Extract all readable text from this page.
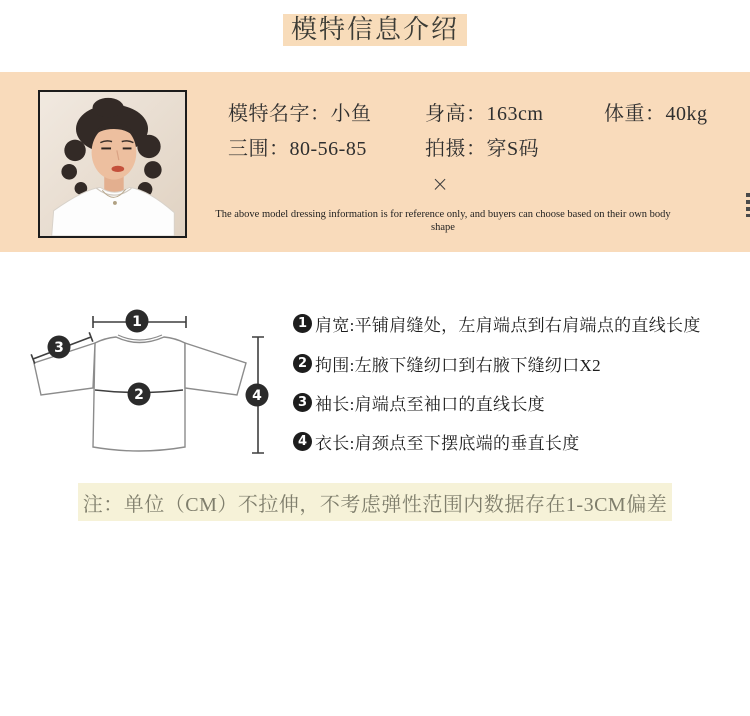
模特信息介绍
模特名字：小鱼	身高：163cm	体重：40kg
三围：80-56-85	拍摄：穿S码
×
The above model dressing information is for reference only, and buyers can choose based on their own body shape
1
2
3
4
1 肩宽:平铺肩缝处，左肩端点到右肩端点的直线长度
2 拘围:左腋下缝纫口到右腋下缝纫口X2
3 袖长:肩端点至袖口的直线长度
4 衣长:肩颈点至下摆底端的垂直长度
注：单位（CM）不拉伸，不考虑弹性范围内数据存在1-3CM偏差
